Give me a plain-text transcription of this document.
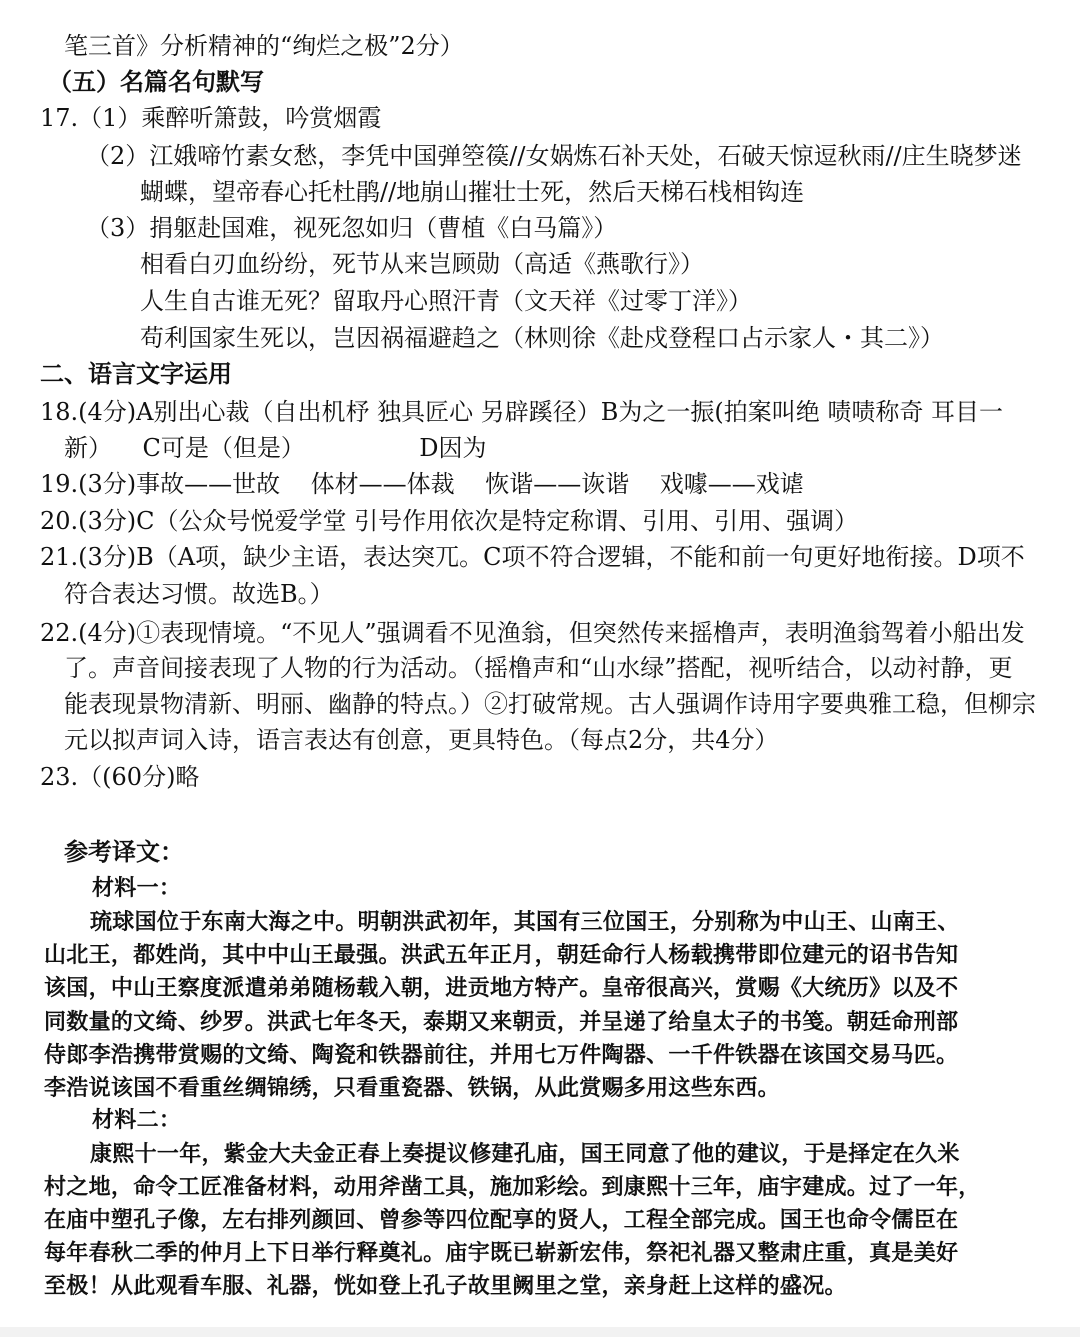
笔三首》分析精神的“绚烂之极”2分）
（五）名篇名句默写
17.（1）乘醉听箫鼓，吟赏烟霞
（2）江娥啼竹素女愁，李凭中国弹箜篌//女娲炼石补天处，石破天惊逗秋雨//庄生晓梦迷
蝴蝶，望帝春心托杜鹃//地崩山摧壮士死，然后天梯石栈相钩连
（3）捐躯赴国难，视死忽如归（曹植《白马篇》）
相看白刃血纷纷，死节从来岂顾勋（高适《燕歌行》）
人生自古谁无死？留取丹心照汗青（文天祥《过零丁洋》）
苟利国家生死以，岂因祸福避趋之（林则徐《赴戍登程口占示家人・其二》）
二、语言文字运用
18.(4分)A别出心裁（自出机杼 独具匠心 另辟蹊径）B为之一振(拍案叫绝 啧啧称奇 耳目一
新）    C可是（但是）               D因为
19.(3分)事故——世故    体材——体裁    恢谐——诙谐    戏噱——戏谑
20.(3分)C（公众号悦爱学堂 引号作用依次是特定称谓、引用、引用、强调）
21.(3分)B（A项，缺少主语，表达突兀。C项不符合逻辑，不能和前一句更好地衔接。D项不
符合表达习惯。故选B。）
22.(4分)①表现情境。“不见人”强调看不见渔翁，但突然传来摇橹声，表明渔翁驾着小船出发
了。声音间接表现了人物的行为活动。（摇橹声和“山水绿”搭配，视听结合，以动衬静，更
能表现景物清新、明丽、幽静的特点。）②打破常规。古人强调作诗用字要典雅工稳，但柳宗
元以拟声词入诗，语言表达有创意，更具特色。（每点2分，共4分）
23.（(60分)略
参考译文：
材料一：
琉球国位于东南大海之中。明朝洪武初年，其国有三位国王，分别称为中山王、山南王、
山北王，都姓尚，其中中山王最强。洪武五年正月，朝廷命行人杨载携带即位建元的诏书告知
该国，中山王察度派遣弟弟随杨载入朝，进贡地方特产。皇帝很高兴，赏赐《大统历》以及不
同数量的文绮、纱罗。洪武七年冬天，泰期又来朝贡，并呈递了给皇太子的书笺。朝廷命刑部
侍郎李浩携带赏赐的文绮、陶瓷和铁器前往，并用七万件陶器、一千件铁器在该国交易马匹。
李浩说该国不看重丝绸锦绣，只看重瓷器、铁锅，从此赏赐多用这些东西。
材料二：
康熙十一年，紫金大夫金正春上奏提议修建孔庙，国王同意了他的建议，于是择定在久米
村之地，命令工匠准备材料，动用斧凿工具，施加彩绘。到康熙十三年，庙宇建成。过了一年，
在庙中塑孔子像，左右排列颜回、曾参等四位配享的贤人，工程全部完成。国王也命令儒臣在
每年春秋二季的仲月上下日举行释奠礼。庙宇既已崭新宏伟，祭祀礼器又整肃庄重，真是美好
至极！从此观看车服、礼器，恍如登上孔子故里阙里之堂，亲身赶上这样的盛况。
